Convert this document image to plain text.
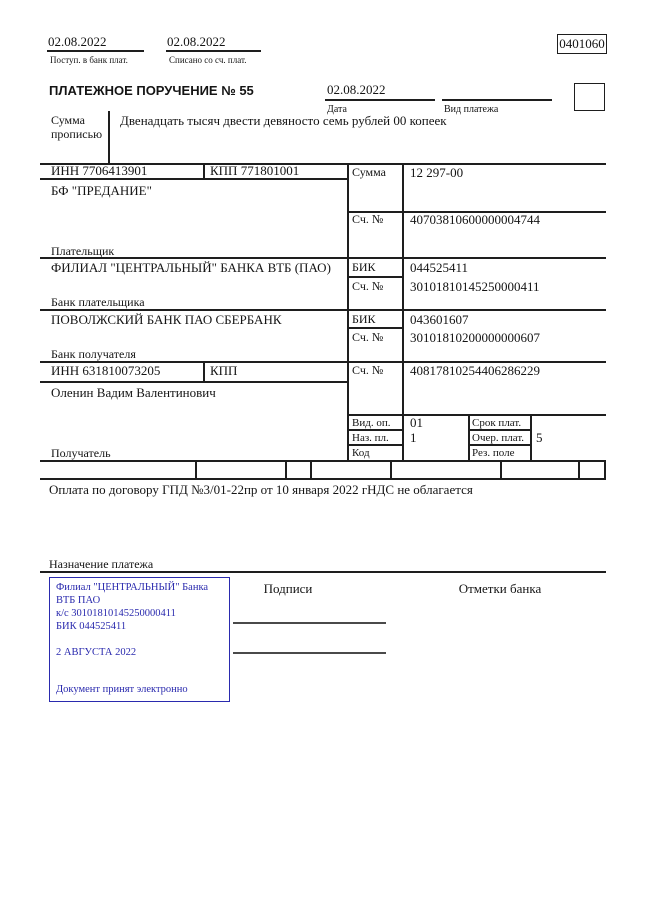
02.08.2022
Поступ. в банк плат.
02.08.2022
Списано со сч. плат.
0401060
ПЛАТЕЖНОЕ ПОРУЧЕНИЕ № 55	02.08.2022
Дата	Вид платежа
Сумма
прописью
Двенадцать тысяч двести девяносто семь рублей 00 копеек
ИНН 7706413901	КПП 771801001	Сумма 12 297-00
БФ "ПРЕДАНИЕ"
Плательщик
Сч. № 40703810600000004744
ФИЛИАЛ "ЦЕНТРАЛЬНЫЙ" БАНКА ВТБ (ПАО) БИК	044525411
Сч. № 30101810145250000411
Банк плательщика
ПОВОЛЖСКИЙ БАНК ПАО СБЕРБАНК	БИК	043601607
Сч. № 30101810200000000607
Банк получателя
ИНН 631810073205	КПП	Сч. № 40817810254406286229
Оленин Вадим Валентинович
Получатель
Вид. оп. 01	Срок плат.
Наз. пл. 1	Очер. плат. 5
Код	Рез. поле
Оплата по договору ГПД №3/01-22пр от 10 января 2022 гНДС не облагается
Назначение платежа
Подписи	Отметки банка
Филиал "ЦЕНТРАЛЬНЫЙ" Банка
ВТБ ПАО
к/с 30101810145250000411
БИК 044525411
2 АВГУСТА 2022
Документ принят электронно
